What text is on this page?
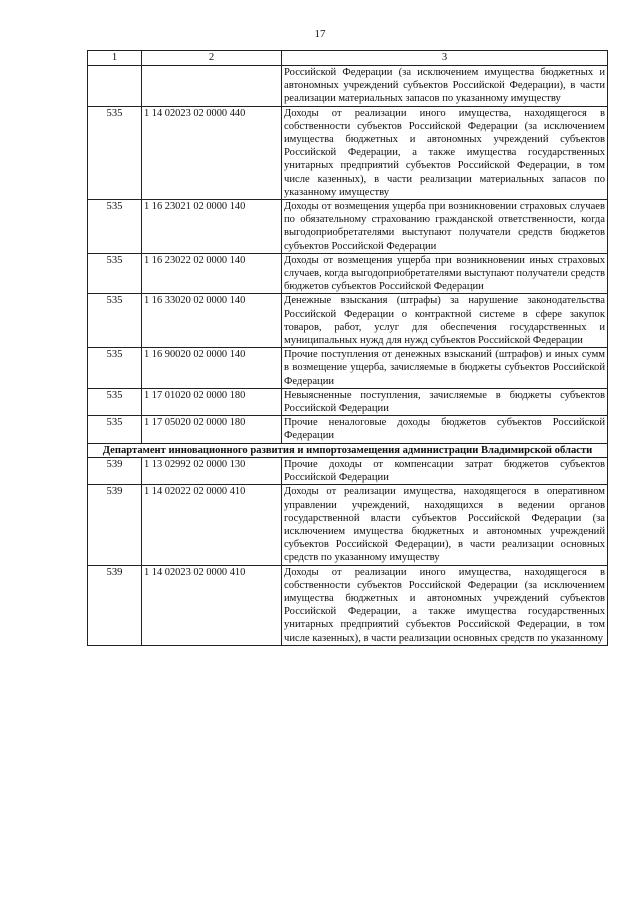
17
1	2	3
		Российской Федерации (за исключением имущества бюджетных и автономных учреждений субъектов Российской Федерации), в части реализации материальных запасов по указанному имуществу
535	1 14 02023 02 0000 440	Доходы от реализации иного имущества, находящегося в собственности субъектов Российской Федерации (за исключением имущества бюджетных и автономных учреждений субъектов Российской Федерации, а также имущества государственных унитарных предприятий субъектов Российской Федерации, в том числе казенных), в части реализации материальных запасов по указанному имуществу
535	1 16 23021 02 0000 140	Доходы от возмещения ущерба при возникновении страховых случаев по обязательному страхованию гражданской ответственности, когда выгодоприобретателями выступают получатели средств бюджетов субъектов Российской Федерации
535	1 16 23022 02 0000 140	Доходы от возмещения ущерба при возникновении иных страховых случаев, когда выгодоприобретателями выступают получатели средств бюджетов субъектов Российской Федерации
535	1 16 33020 02 0000 140	Денежные взыскания (штрафы) за нарушение законодательства Российской Федерации о контрактной системе в сфере закупок товаров, работ, услуг для обеспечения государственных и муниципальных нужд для нужд субъектов Российской Федерации
535	1 16 90020 02 0000 140	Прочие поступления от денежных взысканий (штрафов) и иных сумм в возмещение ущерба, зачисляемые в бюджеты субъектов Российской Федерации
535	1 17 01020 02 0000 180	Невыясненные поступления, зачисляемые в бюджеты субъектов Российской Федерации
535	1 17 05020 02 0000 180	Прочие неналоговые доходы бюджетов субъектов Российской Федерации
Департамент инновационного развития и импортозамещения администрации Владимирской области		
539	1 13 02992 02 0000 130	Прочие доходы от компенсации затрат бюджетов субъектов Российской Федерации
539	1 14 02022 02 0000 410	Доходы от реализации имущества, находящегося в оперативном управлении учреждений, находящихся в ведении органов государственной власти субъектов Российской Федерации (за исключением имущества бюджетных и автономных учреждений субъектов Российской Федерации), в части реализации основных средств по указанному имуществу
539	1 14 02023 02 0000 410	Доходы от реализации иного имущества, находящегося в собственности субъектов Российской Федерации (за исключением имущества бюджетных и автономных учреждений субъектов Российской Федерации, а также имущества государственных унитарных предприятий субъектов Российской Федерации, в том числе казенных), в части реализации основных средств по указанному
